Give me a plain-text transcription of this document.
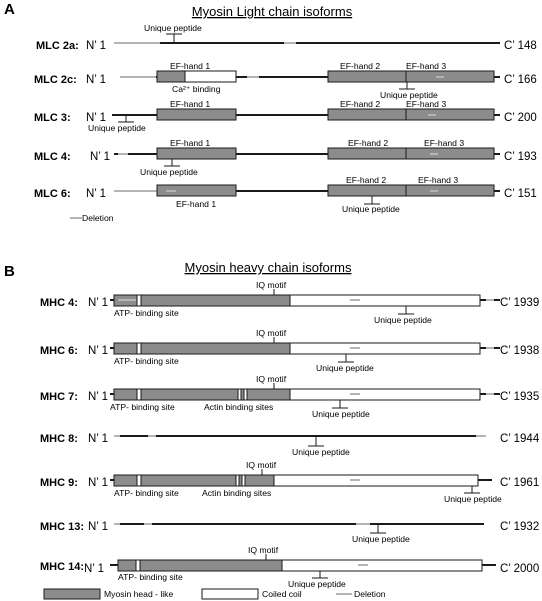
A	Myosin Light chain isoforms
MLC 2a: N’ 1
Unique peptide
C’ 148
MLC 2c: N’ 1
EF-hand 1
Ca²⁺ binding
EF-hand 2	EF-hand 3
Unique peptide
C’ 166
MLC 3: N’ 1
EF-hand 1
Unique peptide
EF-hand 2	EF-hand 3
C’ 200
MLC 4: N’ 1
EF-hand 1
Unique peptide
EF-hand 2	EF-hand 3
C’ 193
MLC 6: N’ 1
EF-hand 1
EF-hand 2	EF-hand 3
Unique peptide
C’ 151
Deletion
B	Myosin heavy chain isoforms
MHC 4: N’ 1
IQ motif
ATP- binding site
Unique peptide
C’ 1939
MHC 6: N’ 1
IQ motif
ATP- binding site
Unique peptide
C’ 1938
MHC 7: N’ 1
IQ motif
ATP- binding site	Actin binding sites
Unique peptide
C’ 1935
MHC 8: N’ 1
Unique peptide
C’ 1944
MHC 9: N’ 1
IQ motif
ATP- binding site	Actin binding sites
Unique peptide
C’ 1961
MHC 13: N’ 1
Unique peptide
C’ 1932
MHC 14: N’ 1
IQ motif
ATP- binding site
Unique peptide
C’ 2000
Myosin head - like	Coiled coil	Deletion
